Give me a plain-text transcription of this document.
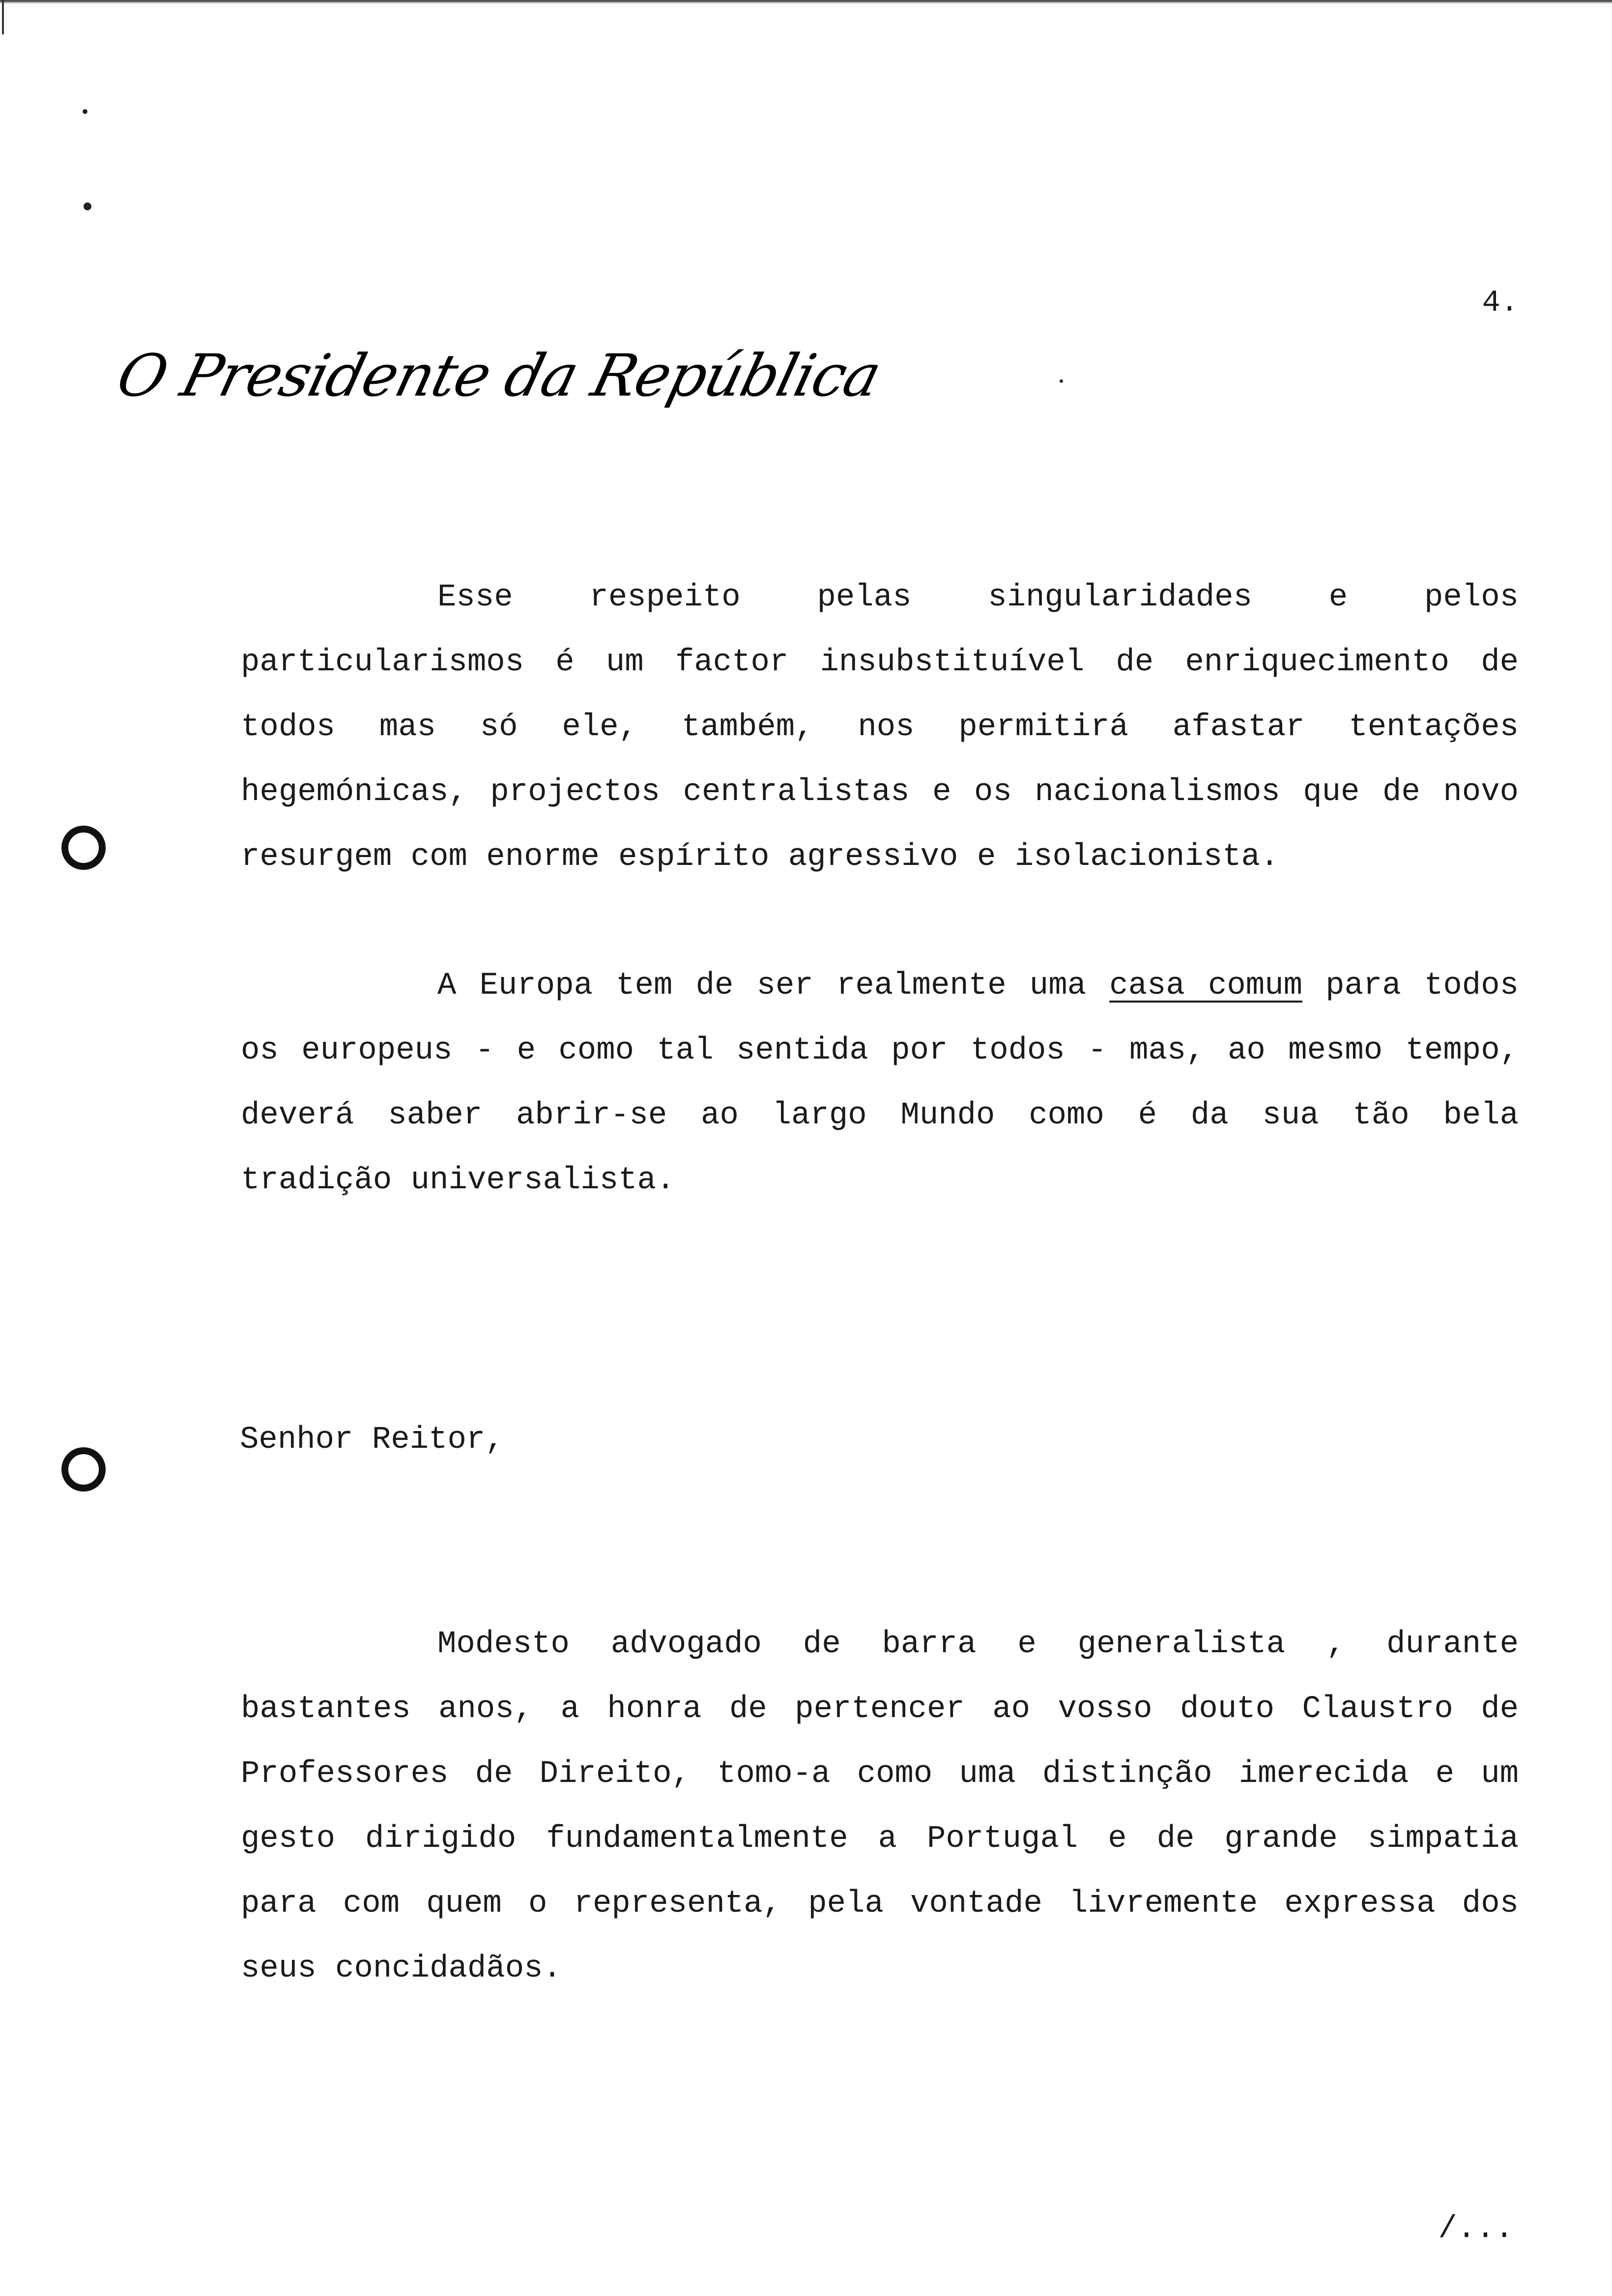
4.
O Presidente da República

Esse respeito pelas singularidades e pelos particularismos é um factor insubstituível de enriquecimento de todos mas só ele, também, nos permitirá afastar tentações hegemónicas, projectos centralistas e os nacionalismos que de novo resurgem com enorme espírito agressivo e isolacionista.

A Europa tem de ser realmente uma casa comum para todos os europeus - e como tal sentida por todos - mas, ao mesmo tempo, deverá saber abrir-se ao largo Mundo como é da sua tão bela tradição universalista.

Senhor Reitor,

Modesto advogado de barra e generalista , durante bastantes anos, a honra de pertencer ao vosso douto Claustro de Professores de Direito, tomo-a como uma distinção imerecida e um gesto dirigido fundamentalmente a Portugal e de grande simpatia para com quem o representa, pela vontade livremente expressa dos seus concidadãos.

/...
